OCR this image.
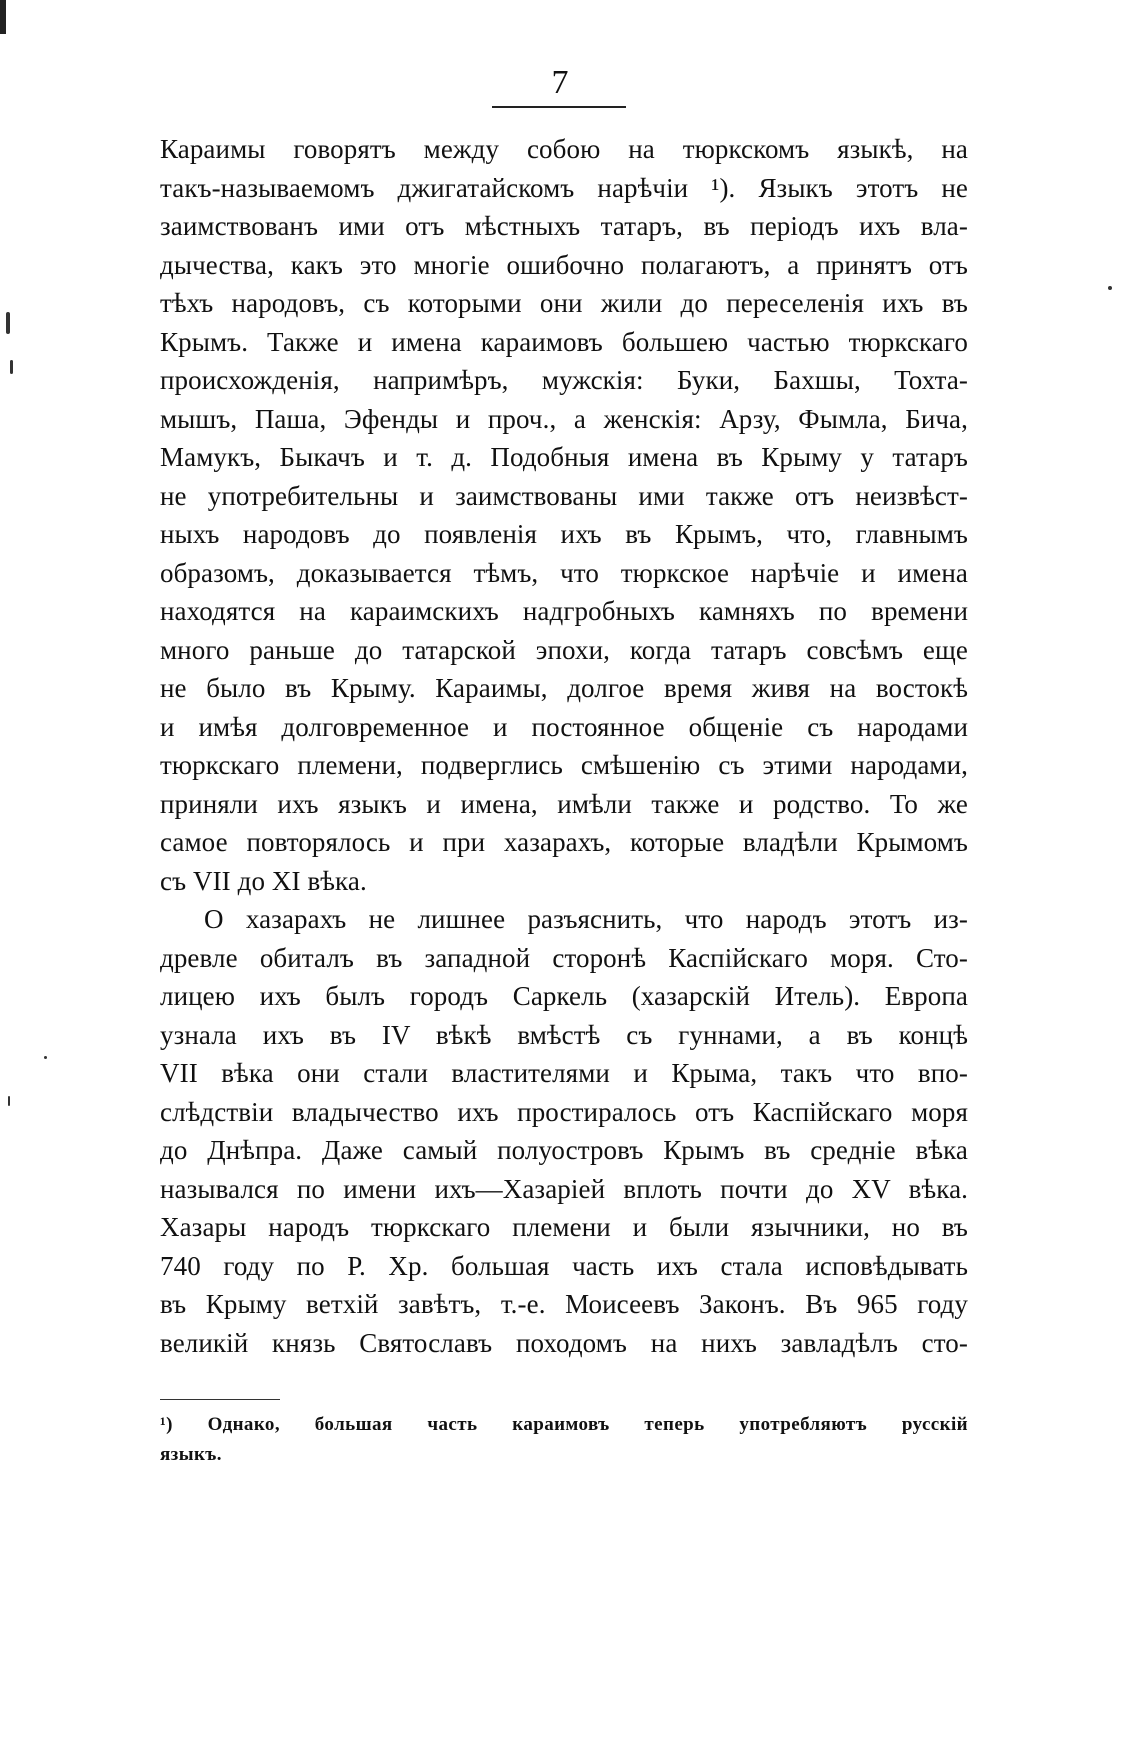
7
Караимы говорятъ между собою на тюркскомъ языкѣ, на
такъ-называемомъ джигатайскомъ нарѣчіи ¹). Языкъ этотъ не
заимствованъ ими отъ мѣстныхъ татаръ, въ періодъ ихъ вла-
дычества, какъ это многіе ошибочно полагаютъ, а принятъ отъ
тѣхъ народовъ, съ которыми они жили до переселенія ихъ въ
Крымъ. Также и имена караимовъ большею частью тюркскаго
происхожденія, напримѣръ, мужскія: Буки, Бахшы, Тохта-
мышъ, Паша, Эфенды и проч., а женскія: Арзу, Фымла, Бича,
Мамукъ, Быкачъ и т. д. Подобныя имена въ Крыму у татаръ
не употребительны и заимствованы ими также отъ неизвѣст-
ныхъ народовъ до появленія ихъ въ Крымъ, что, главнымъ
образомъ, доказывается тѣмъ, что тюркское нарѣчіе и имена
находятся на караимскихъ надгробныхъ камняхъ по времени
много раньше до татарской эпохи, когда татаръ совсѣмъ еще
не было въ Крыму. Караимы, долгое время живя на востокѣ
и имѣя долговременное и постоянное общеніе съ народами
тюркскаго племени, подверглись смѣшенію съ этими народами,
приняли ихъ языкъ и имена, имѣли также и родство. То же
самое повторялось и при хазарахъ, которые владѣли Крымомъ
съ VII до XI вѣка.
О хазарахъ не лишнее разъяснить, что народъ этотъ из-
древле обиталъ въ западной сторонѣ Каспійскаго моря. Сто-
лицею ихъ былъ городъ Саркель (хазарскій Итель). Европа
узнала ихъ въ IV вѣкѣ вмѣстѣ съ гуннами, а въ концѣ
VII вѣка они стали властителями и Крыма, такъ что впо-
слѣдствіи владычество ихъ простиралось отъ Каспійскаго моря
до Днѣпра. Даже самый полуостровъ Крымъ въ средніе вѣка
назывался по имени ихъ—Хазаріей вплоть почти до XV вѣка.
Хазары народъ тюркскаго племени и были язычники, но въ
740 году по Р. Хр. большая часть ихъ стала исповѣдывать
въ Крыму ветхій завѣтъ, т.-е. Моисеевъ Законъ. Въ 965 году
великій князь Святославъ походомъ на нихъ завладѣлъ сто-
¹) Однако, большая часть караимовъ теперь употребляютъ русскій
языкъ.
